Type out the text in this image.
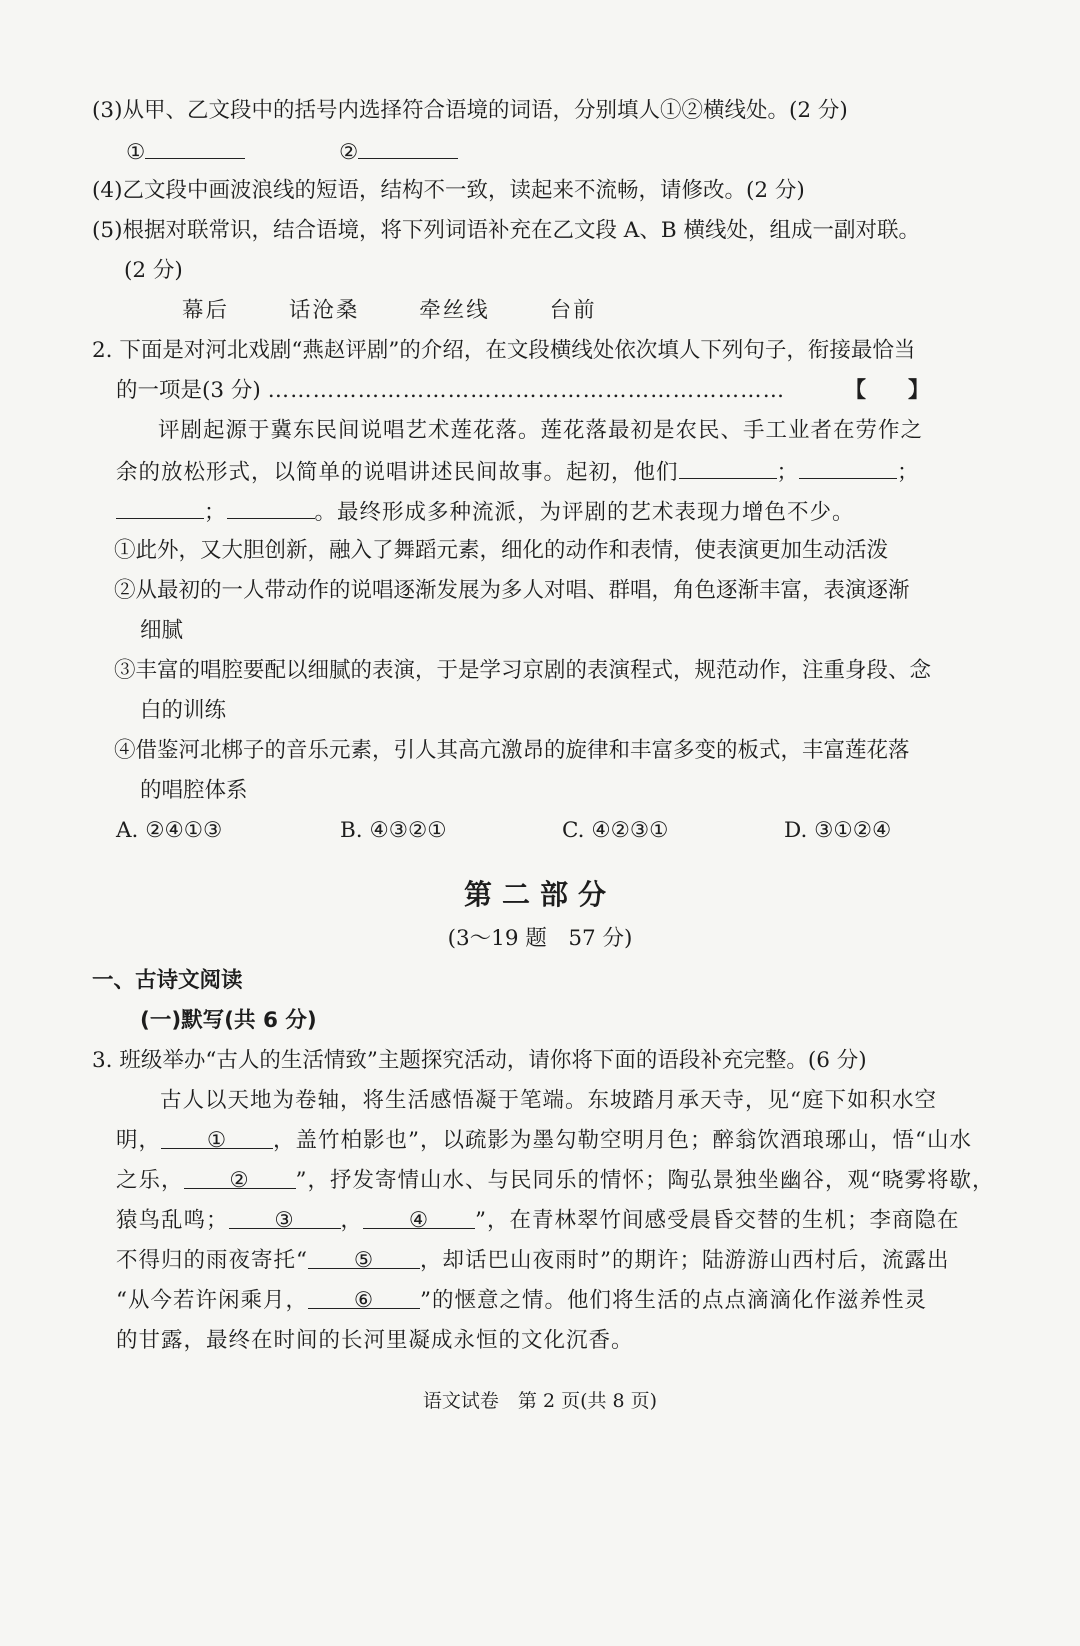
(3)从甲、乙文段中的括号内选择符合语境的词语，分别填人①②横线处。(2 分)
①	②
(4)乙文段中画波浪线的短语，结构不一致，读起来不流畅，请修改。(2 分)
(5)根据对联常识，结合语境，将下列词语补充在乙文段 A、B 横线处，组成一副对联。
(2 分)
幕后	话沧桑	牵丝线	台前
2. 下面是对河北戏剧“燕赵评剧”的介绍，在文段横线处依次填人下列句子，衔接最恰当
的一项是(3 分) ……………………………………………………………	【 】
评剧起源于冀东民间说唱艺术莲花落。莲花落最初是农民、手工业者在劳作之
余的放松形式，以简单的说唱讲述民间故事。起初，他们	；	；
；	。最终形成多种流派，为评剧的艺术表现力增色不少。
①此外，又大胆创新，融入了舞蹈元素，细化的动作和表情，使表演更加生动活泼
②从最初的一人带动作的说唱逐渐发展为多人对唱、群唱，角色逐渐丰富，表演逐渐
细腻
③丰富的唱腔要配以细腻的表演，于是学习京剧的表演程式，规范动作，注重身段、念
白的训练
④借鉴河北梆子的音乐元素，引人其高亢激昂的旋律和丰富多变的板式，丰富莲花落
的唱腔体系
A. ②④①③	B. ④③②①	C. ④②③①	D. ③①②④
第二部分
(3～19 题　57 分)
一、古诗文阅读
(一)默写(共 6 分)
3. 班级举办“古人的生活情致”主题探究活动，请你将下面的语段补充完整。(6 分)
古人以天地为卷轴，将生活感悟凝于笔端。东坡踏月承天寺，见“庭下如积水空
明， ① ，盖竹柏影也”，以疏影为墨勾勒空明月色；醉翁饮酒琅琊山，悟“山水
之乐， ② ”，抒发寄情山水、与民同乐的情怀；陶弘景独坐幽谷，观“晓雾将歇，
猿鸟乱鸣； ③ ， ④ ”，在青林翠竹间感受晨昏交替的生机；李商隐在
不得归的雨夜寄托“ ⑤ ，却话巴山夜雨时”的期许；陆游游山西村后，流露出
“从今若许闲乘月， ⑥ ”的惬意之情。他们将生活的点点滴滴化作滋养性灵
的甘露，最终在时间的长河里凝成永恒的文化沉香。
语文试卷　第 2 页(共 8 页)
